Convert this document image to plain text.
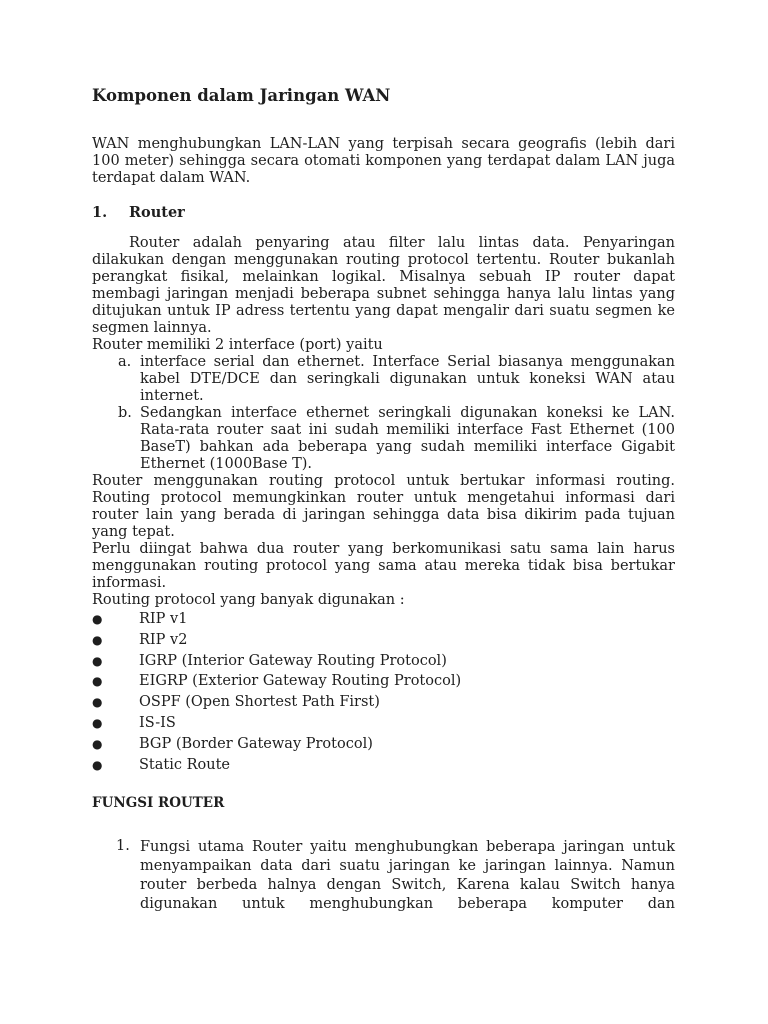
Komponen dalam Jaringan WAN

WAN menghubungkan LAN-LAN yang terpisah secara geografis (lebih dari 100 meter) sehingga secara otomati komponen yang terdapat dalam LAN juga terdapat dalam WAN.

1.	Router

Router adalah penyaring atau filter lalu lintas data. Penyaringan dilakukan dengan menggunakan routing protocol tertentu. Router bukanlah perangkat fisikal, melainkan logikal. Misalnya sebuah IP router dapat membagi jaringan menjadi beberapa subnet sehingga hanya lalu lintas yang ditujukan untuk IP adress tertentu yang dapat mengalir dari suatu segmen ke segmen lainnya.

Router memiliki 2 interface (port) yaitu

a. interface serial dan ethernet. Interface Serial biasanya menggunakan kabel DTE/DCE dan seringkali digunakan untuk koneksi WAN atau internet.
b. Sedangkan interface ethernet seringkali digunakan koneksi ke LAN. Rata-rata router saat ini sudah memiliki interface Fast Ethernet (100 BaseT) bahkan ada beberapa yang sudah memiliki interface Gigabit Ethernet (1000Base T).

Router menggunakan routing protocol untuk bertukar informasi routing. Routing protocol memungkinkan router untuk mengetahui informasi dari router lain yang berada di jaringan sehingga data bisa dikirim pada tujuan yang tepat.

Perlu diingat bahwa dua router yang berkomunikasi satu sama lain harus menggunakan routing protocol yang sama atau mereka tidak bisa bertukar informasi.

Routing protocol yang banyak digunakan :

●	RIP v1
●	RIP v2
●	IGRP (Interior Gateway Routing Protocol)
●	EIGRP (Exterior Gateway Routing Protocol)
●	OSPF (Open Shortest Path First)
●	IS-IS
●	BGP (Border Gateway Protocol)
●	Static Route
FUNGSI ROUTER
1. Fungsi utama Router yaitu menghubungkan beberapa jaringan untuk menyampaikan data dari suatu jaringan ke jaringan lainnya. Namun router berbeda halnya dengan Switch, Karena kalau Switch hanya digunakan untuk menghubungkan beberapa komputer dan
